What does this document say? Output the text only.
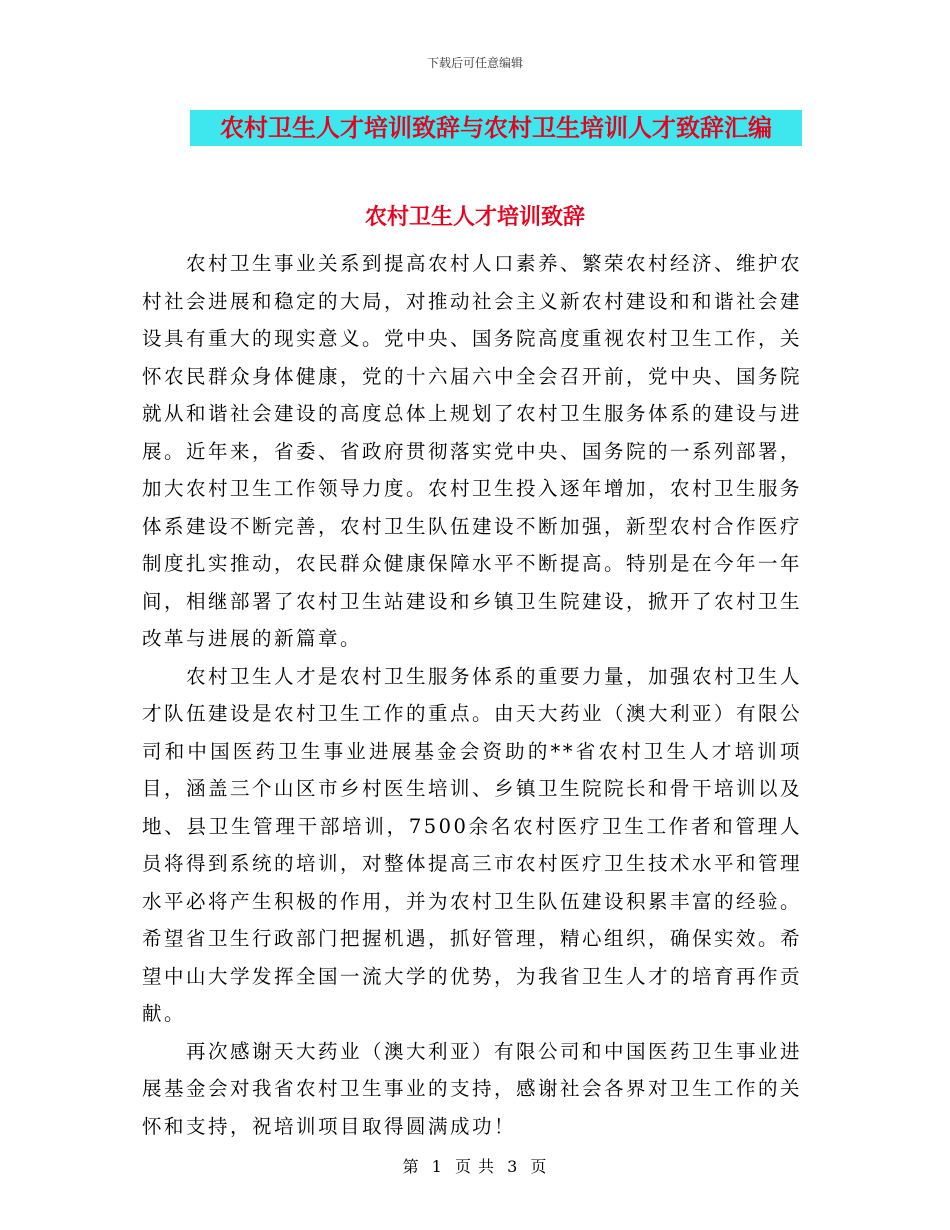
下载后可任意编辑
农村卫生人才培训致辞与农村卫生培训人才致辞汇编
农村卫生人才培训致辞

农村卫生事业关系到提高农村人口素养、繁荣农村经济、维护农村社会进展和稳定的大局，对推动社会主义新农村建设和和谐社会建设具有重大的现实意义。党中央、国务院高度重视农村卫生工作，关怀农民群众身体健康，党的十六届六中全会召开前，党中央、国务院就从和谐社会建设的高度总体上规划了农村卫生服务体系的建设与进展。近年来，省委、省政府贯彻落实党中央、国务院的一系列部署，加大农村卫生工作领导力度。农村卫生投入逐年增加，农村卫生服务体系建设不断完善，农村卫生队伍建设不断加强，新型农村合作医疗制度扎实推动，农民群众健康保障水平不断提高。特别是在今年一年间，相继部署了农村卫生站建设和乡镇卫生院建设，掀开了农村卫生改革与进展的新篇章。

农村卫生人才是农村卫生服务体系的重要力量，加强农村卫生人才队伍建设是农村卫生工作的重点。由天大药业（澳大利亚）有限公司和中国医药卫生事业进展基金会资助的**省农村卫生人才培训项目，涵盖三个山区市乡村医生培训、乡镇卫生院院长和骨干培训以及地、县卫生管理干部培训，7500余名农村医疗卫生工作者和管理人员将得到系统的培训，对整体提高三市农村医疗卫生技术水平和管理水平必将产生积极的作用，并为农村卫生队伍建设积累丰富的经验。希望省卫生行政部门把握机遇，抓好管理，精心组织，确保实效。希望中山大学发挥全国一流大学的优势，为我省卫生人才的培育再作贡献。

再次感谢天大药业（澳大利亚）有限公司和中国医药卫生事业进展基金会对我省农村卫生事业的支持，感谢社会各界对卫生工作的关怀和支持，祝培训项目取得圆满成功！

第 1 页 共 3 页
